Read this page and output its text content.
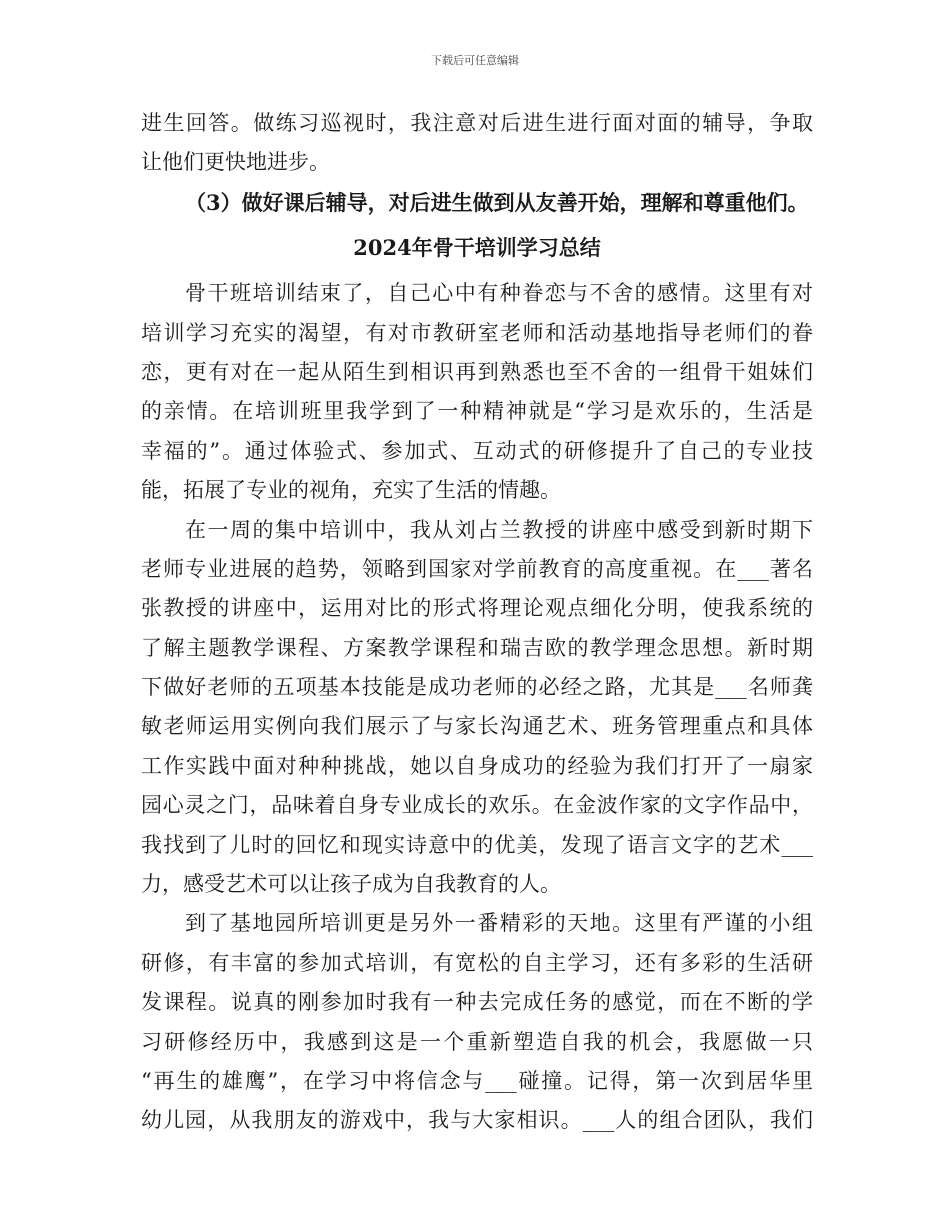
下载后可任意编辑
进生回答。做练习巡视时，我注意对后进生进行面对面的辅导，争取
让他们更快地进步。
（3）做好课后辅导，对后进生做到从友善开始，理解和尊重他们。
2024年骨干培训学习总结
骨干班培训结束了，自己心中有种眷恋与不舍的感情。这里有对
培训学习充实的渴望，有对市教研室老师和活动基地指导老师们的眷
恋，更有对在一起从陌生到相识再到熟悉也至不舍的一组骨干姐妹们
的亲情。在培训班里我学到了一种精神就是“学习是欢乐的，生活是
幸福的”。通过体验式、参加式、互动式的研修提升了自己的专业技
能，拓展了专业的视角，充实了生活的情趣。
在一周的集中培训中，我从刘占兰教授的讲座中感受到新时期下
老师专业进展的趋势，领略到国家对学前教育的高度重视。在___著名
张教授的讲座中，运用对比的形式将理论观点细化分明，使我系统的
了解主题教学课程、方案教学课程和瑞吉欧的教学理念思想。新时期
下做好老师的五项基本技能是成功老师的必经之路，尤其是___名师龚
敏老师运用实例向我们展示了与家长沟通艺术、班务管理重点和具体
工作实践中面对种种挑战，她以自身成功的经验为我们打开了一扇家
园心灵之门，品味着自身专业成长的欢乐。在金波作家的文字作品中，
我找到了儿时的回忆和现实诗意中的优美，发现了语言文字的艺术___
力，感受艺术可以让孩子成为自我教育的人。
到了基地园所培训更是另外一番精彩的天地。这里有严谨的小组
研修，有丰富的参加式培训，有宽松的自主学习，还有多彩的生活研
发课程。说真的刚参加时我有一种去完成任务的感觉，而在不断的学
习研修经历中，我感到这是一个重新塑造自我的机会，我愿做一只
“再生的雄鹰”，在学习中将信念与___碰撞。记得，第一次到居华里
幼儿园，从我朋友的游戏中，我与大家相识。___人的组合团队，我们
